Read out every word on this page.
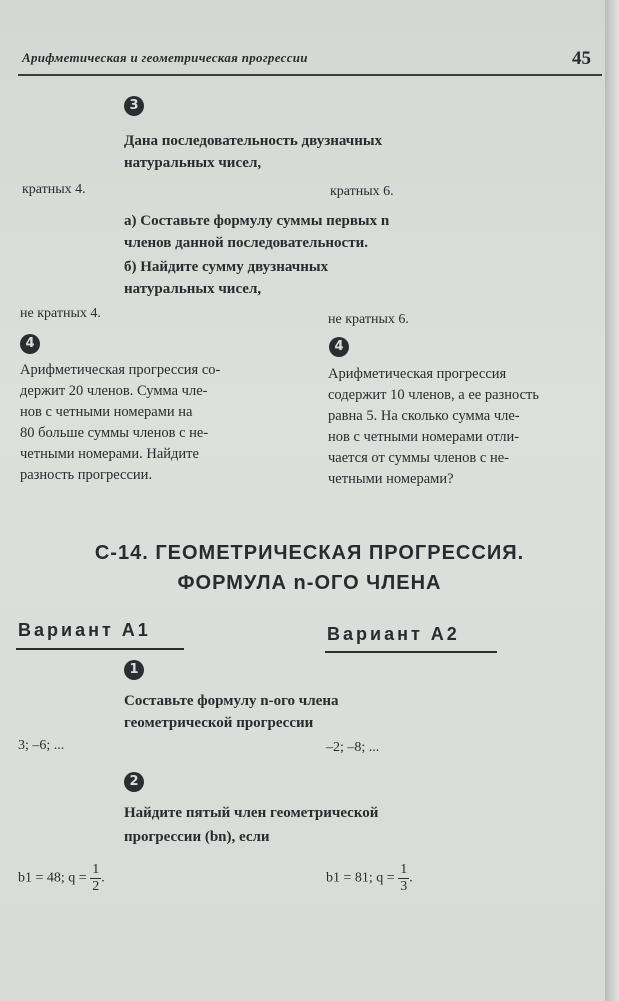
Арифметическая и геометрическая прогрессии	45
3
Дана последовательность двузначных
натуральных чисел,
кратных 4.	кратных 6.
а) Составьте формулу суммы первых n
членов данной последовательности.
б) Найдите сумму двузначных
натуральных чисел,
не кратных 4.	не кратных 6.
4	4
Арифметическая прогрессия со-
держит 20 членов. Сумма чле-
нов с четными номерами на
80 больше суммы членов с не-
четными номерами. Найдите
разность прогрессии.
Арифметическая прогрессия
содержит 10 членов, а ее разность
равна 5. На сколько сумма чле-
нов с четными номерами отли-
чается от суммы членов с не-
четными номерами?
С-14. ГЕОМЕТРИЧЕСКАЯ ПРОГРЕССИЯ.
ФОРМУЛА n-ОГО ЧЛЕНА
Вариант А1	Вариант А2
1
Составьте формулу n-ого члена
геометрической прогрессии
3; –6; ...	–2; –8; ...
2
Найдите пятый член геометрической
прогрессии (bn), если
b1 = 48; $q = \frac{1}{2}$ .	b1 = 81; $q = \frac{1}{3}$ .
